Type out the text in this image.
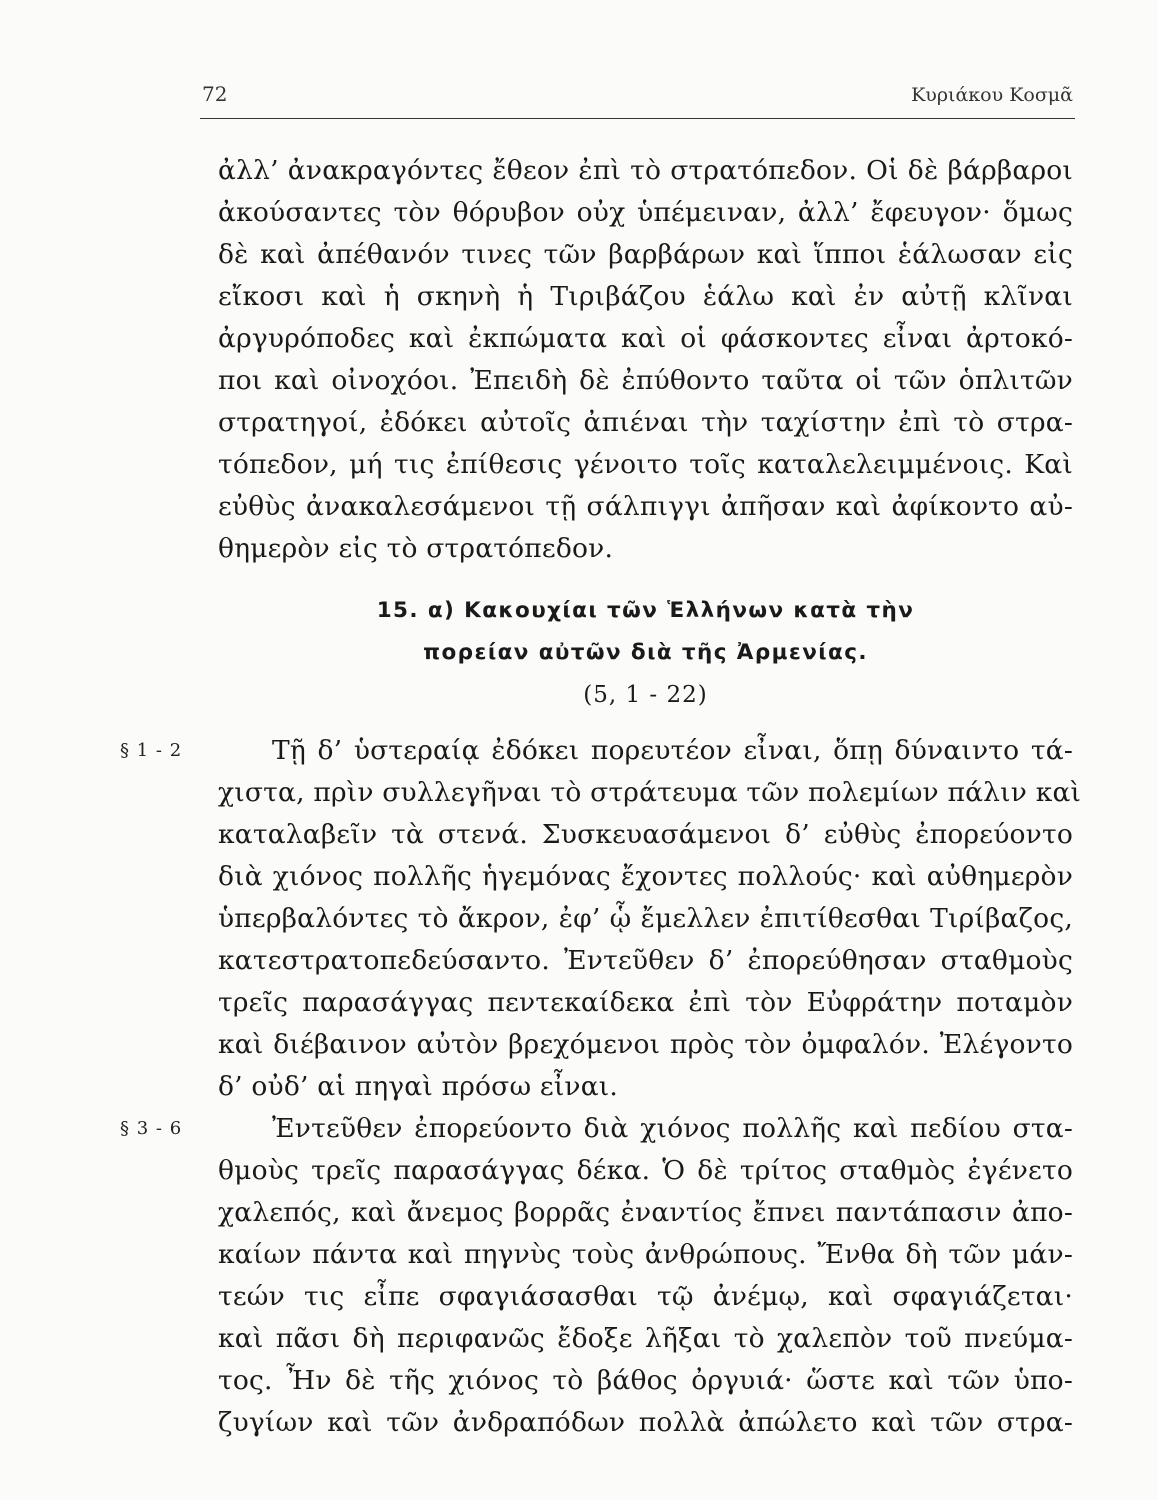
72	Κυριάκου Κοσμᾶ
ἀλλ’ ἀνακραγόντες ἔθεον ἐπὶ τὸ στρατόπεδον. Οἱ δὲ βάρβαροι
ἀκούσαντες τὸν θόρυβον οὐχ ὑπέμειναν, ἀλλ’ ἔφευγον· ὅμως
δὲ καὶ ἀπέθανόν τινες τῶν βαρβάρων καὶ ἵπποι ἑάλωσαν εἰς
εἴκοσι καὶ ἡ σκηνὴ ἡ Τιριβάζου ἑάλω καὶ ἐν αὐτῇ κλῖναι
ἀργυρόποδες καὶ ἐκπώματα καὶ οἱ φάσκοντες εἶναι ἀρτοκό-
ποι καὶ οἰνοχόοι. Ἐπειδὴ δὲ ἐπύθοντο ταῦτα οἱ τῶν ὁπλιτῶν
στρατηγοί, ἐδόκει αὐτοῖς ἀπιέναι τὴν ταχίστην ἐπὶ τὸ στρα-
τόπεδον, μή τις ἐπίθεσις γένοιτο τοῖς καταλελειμμένοις. Καὶ
εὐθὺς ἀνακαλεσάμενοι τῇ σάλπιγγι ἀπῆσαν καὶ ἀφίκοντο αὐ-
θημερὸν εἰς τὸ στρατόπεδον.
15. α) Κακουχίαι τῶν Ἑλλήνων κατὰ τὴν
πορείαν αὐτῶν διὰ τῆς Ἀρμενίας.
(5, 1 - 22)
§ 1 - 2	Τῇ δ’ ὑστεραίᾳ ἐδόκει πορευτέον εἶναι, ὅπῃ δύναιντο τά-
χιστα, πρὶν συλλεγῆναι τὸ στράτευμα τῶν πολεμίων πάλιν καὶ
καταλαβεῖν τὰ στενά. Συσκευασάμενοι δ’ εὐθὺς ἐπορεύοντο
διὰ χιόνος πολλῆς ἡγεμόνας ἔχοντες πολλούς· καὶ αὐθημερὸν
ὑπερβαλόντες τὸ ἄκρον, ἐφ’ ᾧ ἔμελλεν ἐπιτίθεσθαι Τιρίβαζος,
κατεστρατοπεδεύσαντο. Ἐντεῦθεν δ’ ἐπορεύθησαν σταθμοὺς
τρεῖς παρασάγγας πεντεκαίδεκα ἐπὶ τὸν Εὐφράτην ποταμὸν
καὶ διέβαινον αὐτὸν βρεχόμενοι πρὸς τὸν ὀμφαλόν. Ἐλέγοντο
δ’ οὐδ’ αἱ πηγαὶ πρόσω εἶναι.
§ 3 - 6	Ἐντεῦθεν ἐπορεύοντο διὰ χιόνος πολλῆς καὶ πεδίου στα-
θμοὺς τρεῖς παρασάγγας δέκα. Ὁ δὲ τρίτος σταθμὸς ἐγένετο
χαλεπός, καὶ ἄνεμος βορρᾶς ἐναντίος ἔπνει παντάπασιν ἀπο-
καίων πάντα καὶ πηγνὺς τοὺς ἀνθρώπους. Ἔνθα δὴ τῶν μάν-
τεών τις εἶπε σφαγιάσασθαι τῷ ἀνέμῳ, καὶ σφαγιάζεται·
καὶ πᾶσι δὴ περιφανῶς ἔδοξε λῆξαι τὸ χαλεπὸν τοῦ πνεύμα-
τος. Ἦν δὲ τῆς χιόνος τὸ βάθος ὀργυιά· ὥστε καὶ τῶν ὑπο-
ζυγίων καὶ τῶν ἀνδραπόδων πολλὰ ἀπώλετο καὶ τῶν στρα-
